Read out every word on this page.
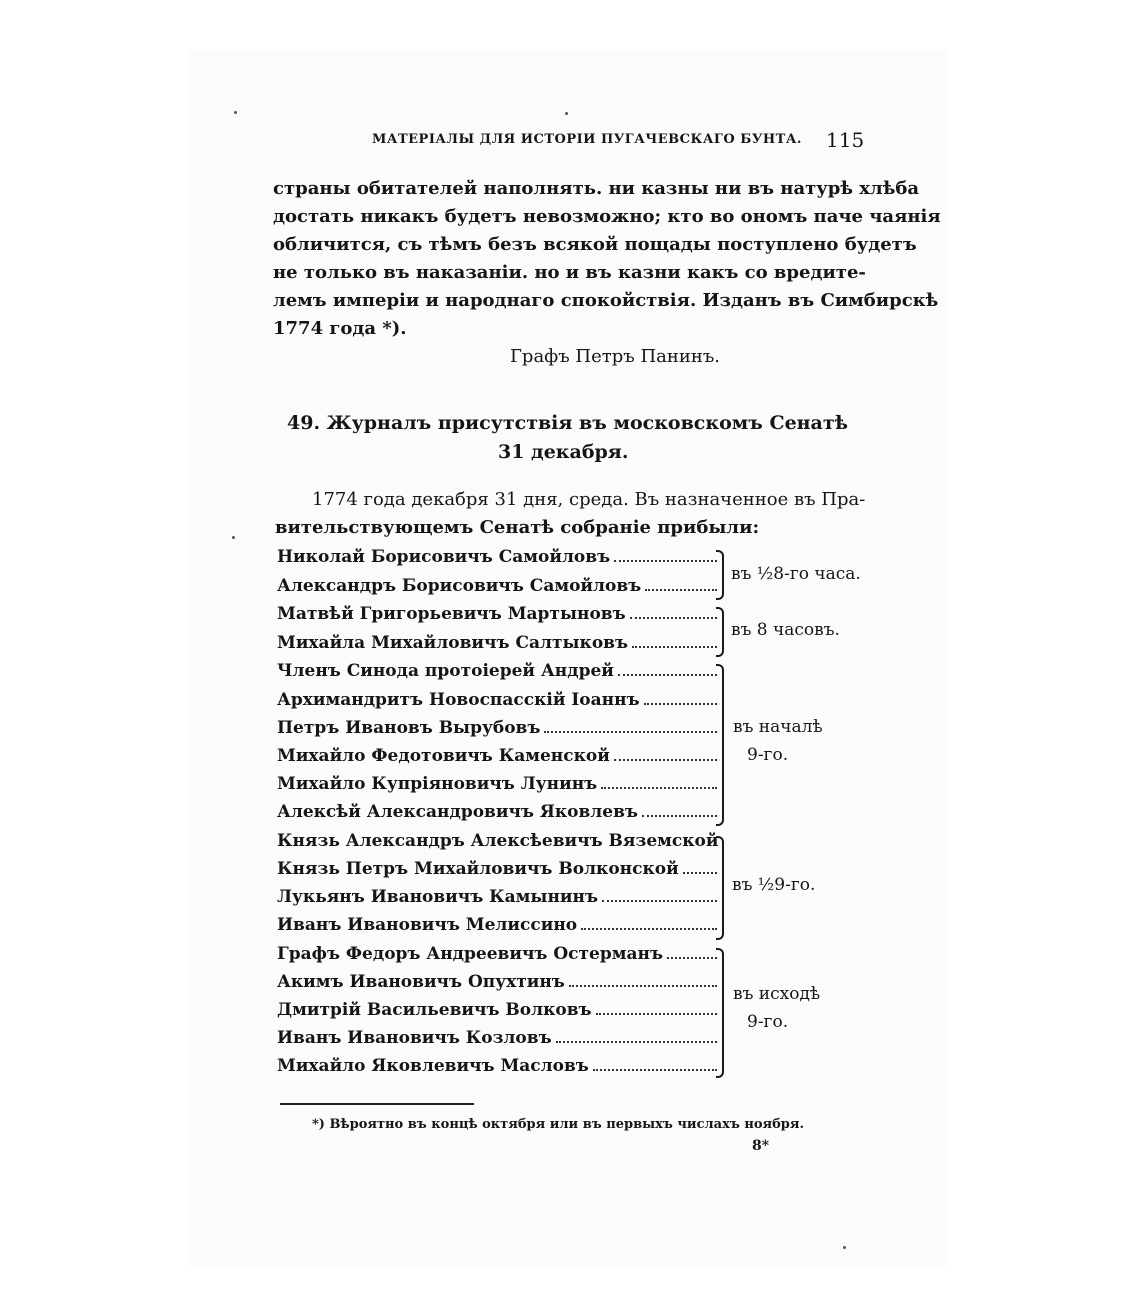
МАТЕРІАЛЫ ДЛЯ ИСТОРІИ ПУГАЧЕВСКАГО БУНТА. 115
страны обитателей наполнять. ни казны ни въ натурѣ хлѣба
достать никакъ будетъ невозможно; кто во ономъ паче чаянія
обличится, съ тѣмъ безъ всякой пощады поступлено будетъ
не только въ наказаніи. но и въ казни какъ со вредите-
лемъ имперіи и народнаго спокойствія. Изданъ въ Симбирскѣ
1774 года *).
Графъ Петръ Панинъ.
49. Журналъ присутствія въ московскомъ Сенатѣ
31 декабря.
1774 года декабря 31 дня, среда. Въ назначенное въ Пра-
вительствующемъ Сенатѣ собраніе прибыли:
Николай Борисовичъ Самойловъ
Александръ Борисовичъ Самойловъ
въ ½8-го часа.
Матвѣй Григорьевичъ Мартыновъ
Михайла Михайловичъ Салтыковъ
въ 8 часовъ.
Членъ Синода протоіерей Андрей
Архимандритъ Новоспасскій Іоаннъ
Петръ Ивановъ Вырубовъ
Михайло Федотовичъ Каменской
Михайло Купріяновичъ Лунинъ
Алексѣй Александровичъ Яковлевъ
въ началѣ
9-го.
Князь Александръ Алексѣевичъ Вяземской
Князь Петръ Михайловичъ Волконской
Лукьянъ Ивановичъ Камынинъ
Иванъ Ивановичъ Мелиссино
въ ½9-го.
Графъ Федоръ Андреевичъ Остерманъ
Акимъ Ивановичъ Опухтинъ
Дмитрій Васильевичъ Волковъ
Иванъ Ивановичъ Козловъ
Михайло Яковлевичъ Масловъ
въ исходѣ
9-го.
*) Вѣроятно въ концѣ октября или въ первыхъ числахъ ноября.
8*
